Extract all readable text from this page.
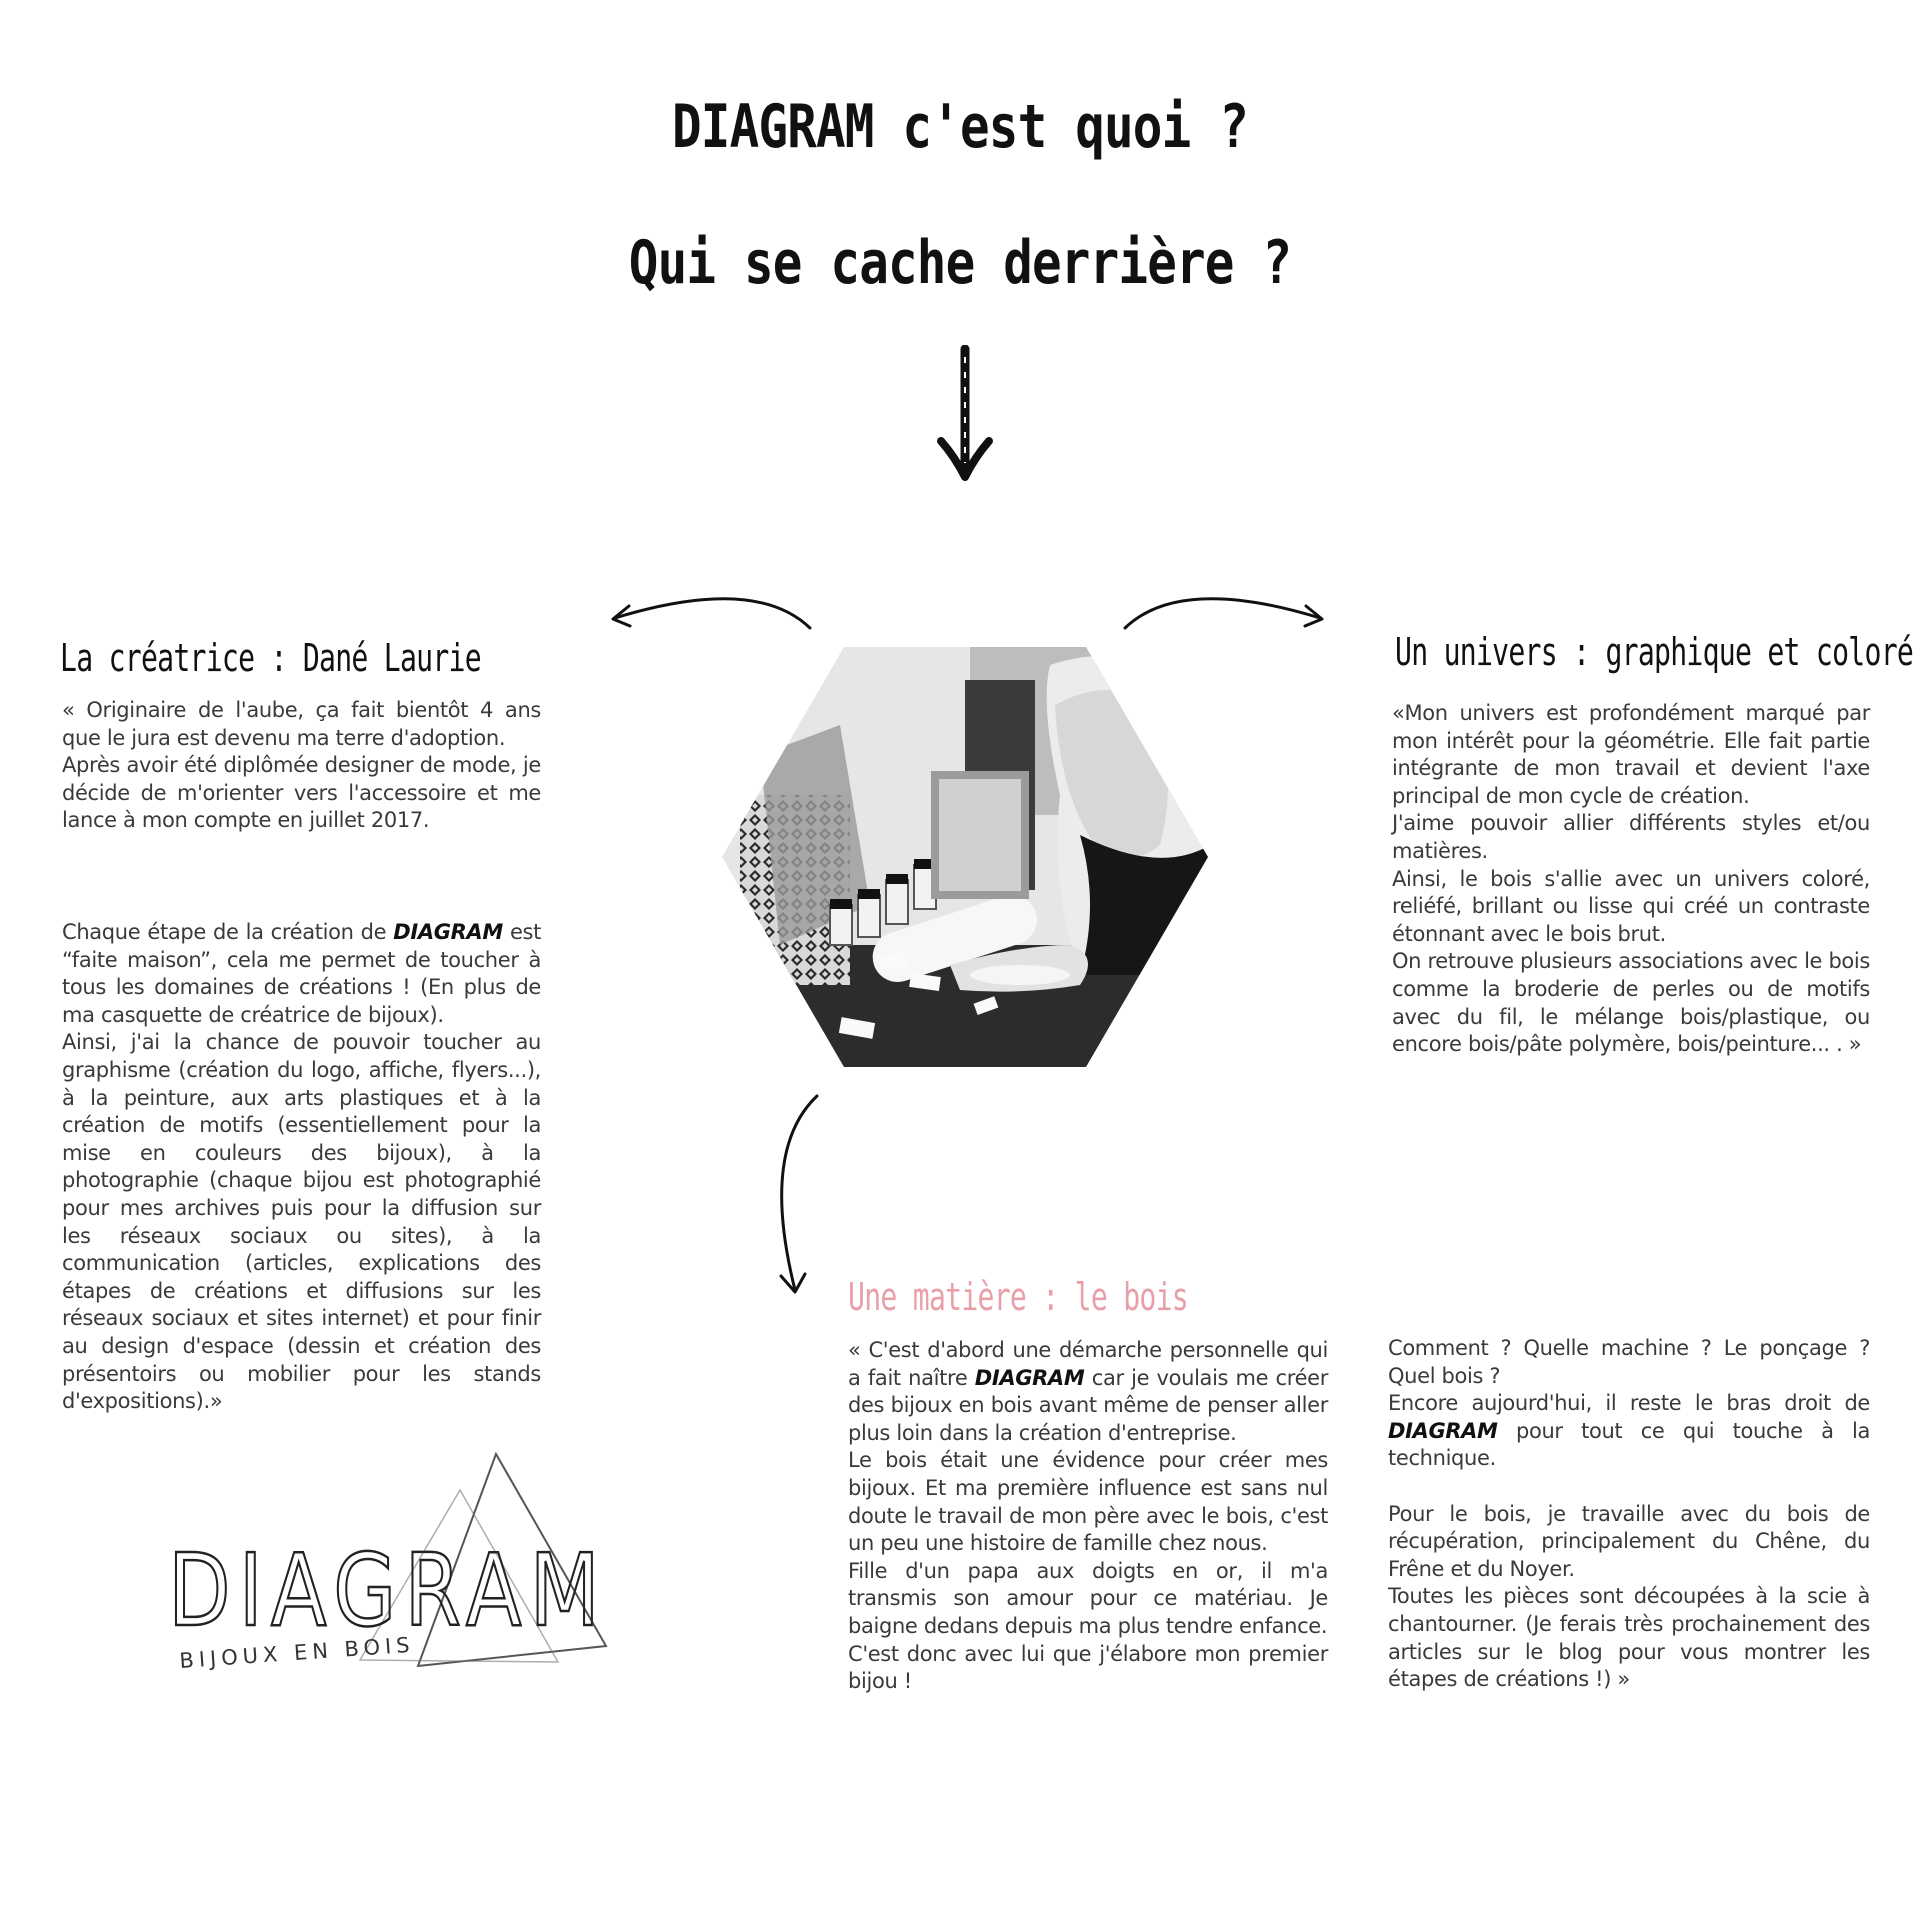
DIAGRAM c'est quoi ?
Qui se cache derrière ?
La créatrice : Dané Laurie

« Originaire de l'aube, ça fait bientôt 4 ans que le jura est devenu ma terre d'adoption.

Après avoir été diplômée designer de mode, je décide de m'orienter vers l'accessoire et me lance à mon compte en juillet 2017.

Chaque étape de la création de DIAGRAM est “faite maison”, cela me permet de toucher à tous les domaines de créations ! (En plus de ma casquette de créatrice de bijoux).

Ainsi, j'ai la chance de pouvoir toucher au graphisme (création du logo, affiche, flyers...), à la peinture, aux arts plastiques et à la création de motifs (essentiellement pour la mise en couleurs des bijoux), à la photographie (chaque bijou est photographié pour mes archives puis pour la diffusion sur les réseaux sociaux ou sites), à la communication (articles, explications des étapes de créations et diffusions sur les réseaux sociaux et sites internet) et pour finir au design d'espace (dessin et création des présentoirs ou mobilier pour les stands d'expositions).»

Un univers : graphique et coloré

«Mon univers est profondément marqué par mon intérêt pour la géométrie. Elle fait partie intégrante de mon travail et devient l'axe principal de mon cycle de création.

J'aime pouvoir allier différents styles et/ou matières.

Ainsi, le bois s'allie avec un univers coloré, reliéfé, brillant ou lisse qui créé un contraste étonnant avec le bois brut.

On retrouve plusieurs associations avec le bois comme la broderie de perles ou de motifs avec du fil, le mélange bois/plastique, ou encore bois/pâte polymère, bois/peinture... . »

Une matière : le bois

« C'est d'abord une démarche personnelle qui a fait naître DIAGRAM car je voulais me créer des bijoux en bois avant même de penser aller plus loin dans la création d'entreprise.

Le bois était une évidence pour créer mes bijoux. Et ma première influence est sans nul doute le travail de mon père avec le bois, c'est un peu une histoire de famille chez nous.

Fille d'un papa aux doigts en or, il m'a transmis son amour pour ce matériau. Je baigne dedans depuis ma plus tendre enfance.

C'est donc avec lui que j'élabore mon premier bijou !

Comment ? Quelle machine ? Le ponçage ? Quel bois ?

Encore aujourd'hui, il reste le bras droit de DIAGRAM pour tout ce qui touche à la technique.

Pour le bois, je travaille avec du bois de récupération, principalement du Chêne, du Frêne et du Noyer.

Toutes les pièces sont découpées à la scie à chantourner. (Je ferais très prochainement des articles sur le blog pour vous montrer les étapes de créations !) »

DIAGRAM
BIJOUX EN BOIS
